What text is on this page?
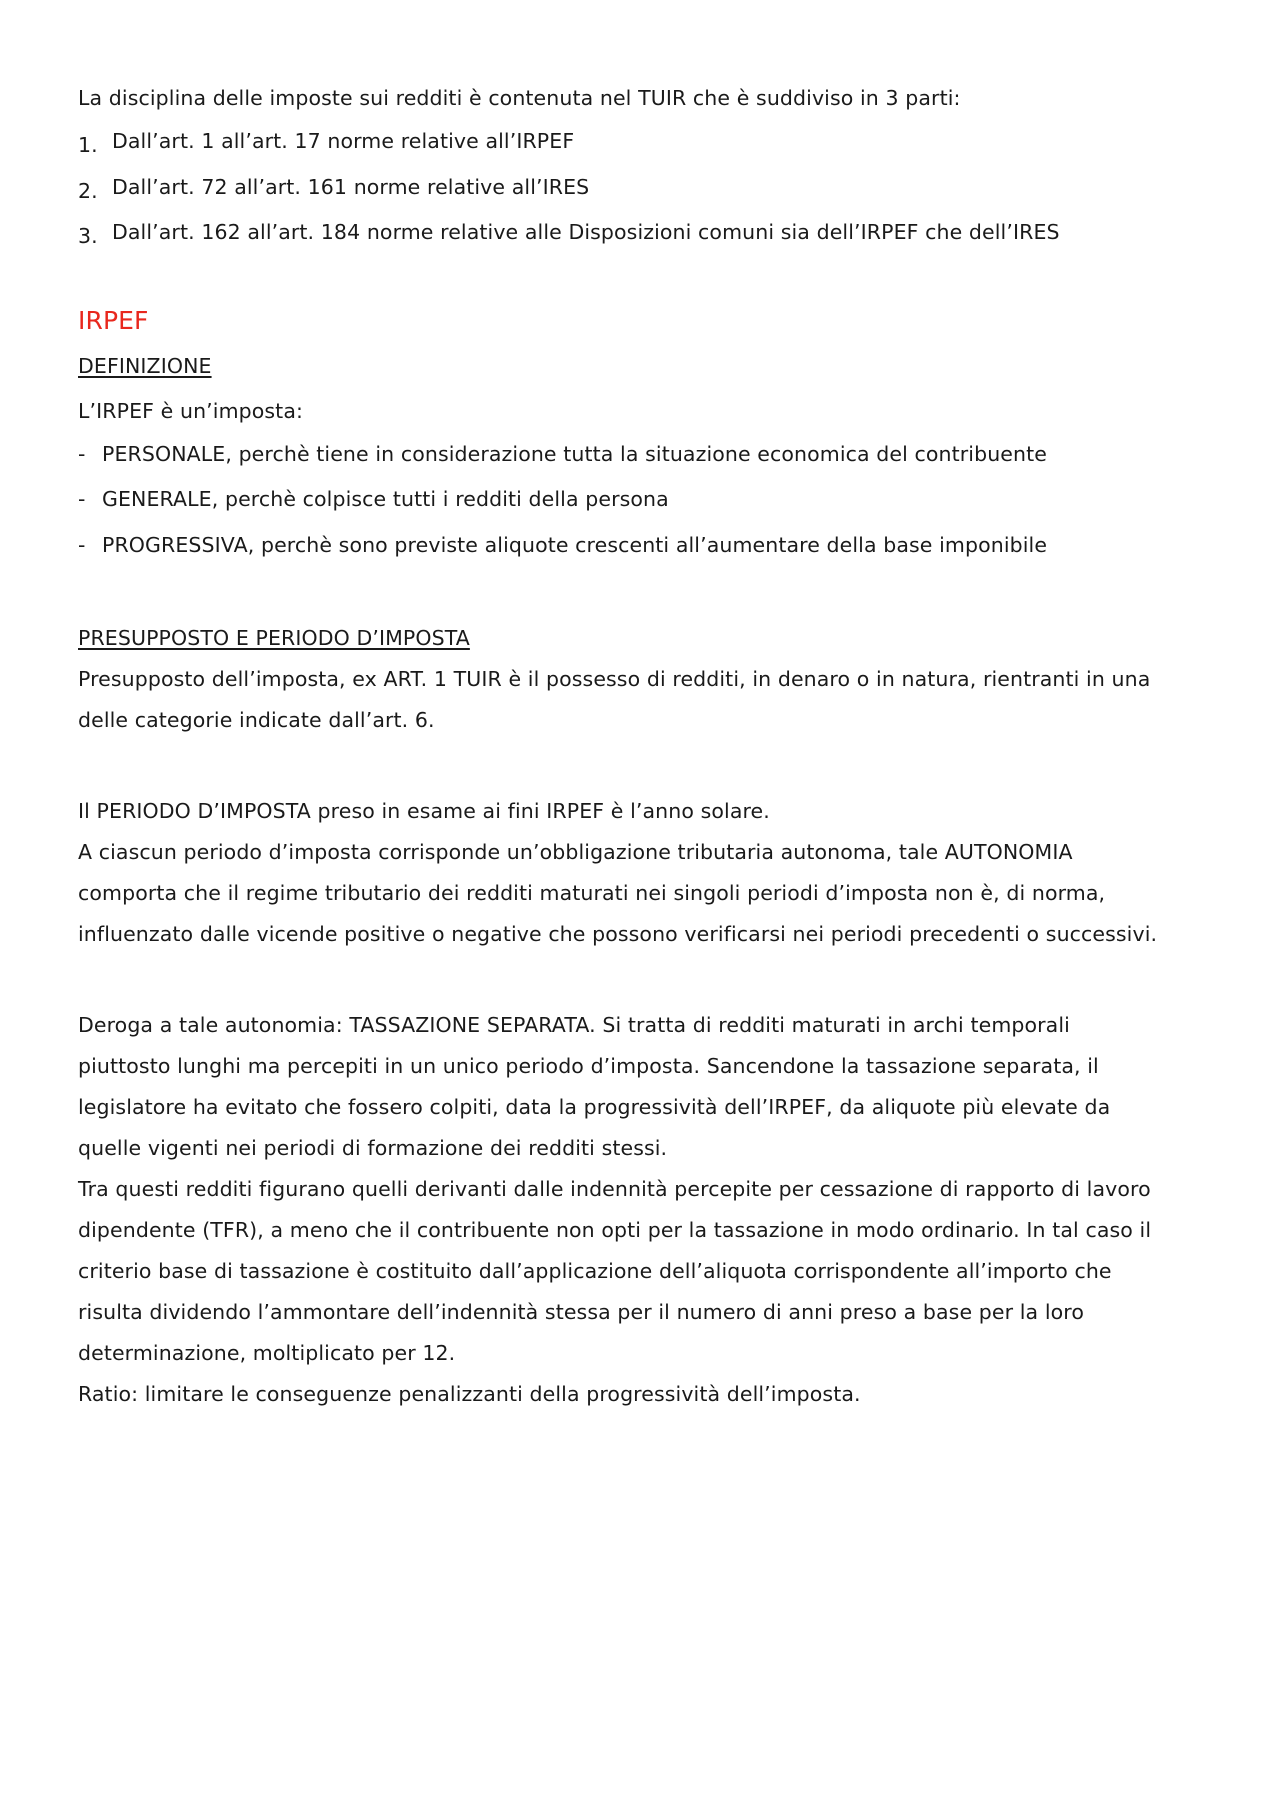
La disciplina delle imposte sui redditi è contenuta nel TUIR che è suddiviso in 3 parti:

1. Dall’art. 1 all’art. 17 norme relative all’IRPEF
2. Dall’art. 72 all’art. 161 norme relative all’IRES
3. Dall’art. 162 all’art. 184 norme relative alle Disposizioni comuni sia dell’IRPEF che dell’IRES
IRPEF

DEFINIZIONE

L’IRPEF è un’imposta:

- PERSONALE, perchè tiene in considerazione tutta la situazione economica del contribuente
- GENERALE, perchè colpisce tutti i redditi della persona
- PROGRESSIVA, perchè sono previste aliquote crescenti all’aumentare della base imponibile

PRESUPPOSTO E PERIODO D’IMPOSTA

Presupposto dell’imposta, ex ART. 1 TUIR è il possesso di redditi, in denaro o in natura, rientranti in una

delle categorie indicate dall’art. 6.

Il PERIODO D’IMPOSTA preso in esame ai fini IRPEF è l’anno solare.

A ciascun periodo d’imposta corrisponde un’obbligazione tributaria autonoma, tale AUTONOMIA

comporta che il regime tributario dei redditi maturati nei singoli periodi d’imposta non è, di norma,

influenzato dalle vicende positive o negative che possono verificarsi nei periodi precedenti o successivi.

Deroga a tale autonomia: TASSAZIONE SEPARATA. Si tratta di redditi maturati in archi temporali

piuttosto lunghi ma percepiti in un unico periodo d’imposta. Sancendone la tassazione separata, il

legislatore ha evitato che fossero colpiti, data la progressività dell’IRPEF, da aliquote più elevate da

quelle vigenti nei periodi di formazione dei redditi stessi.

Tra questi redditi figurano quelli derivanti dalle indennità percepite per cessazione di rapporto di lavoro

dipendente (TFR), a meno che il contribuente non opti per la tassazione in modo ordinario. In tal caso il

criterio base di tassazione è costituito dall’applicazione dell’aliquota corrispondente all’importo che

risulta dividendo l’ammontare dell’indennità stessa per il numero di anni preso a base per la loro

determinazione, moltiplicato per 12.

Ratio: limitare le conseguenze penalizzanti della progressività dell’imposta.
